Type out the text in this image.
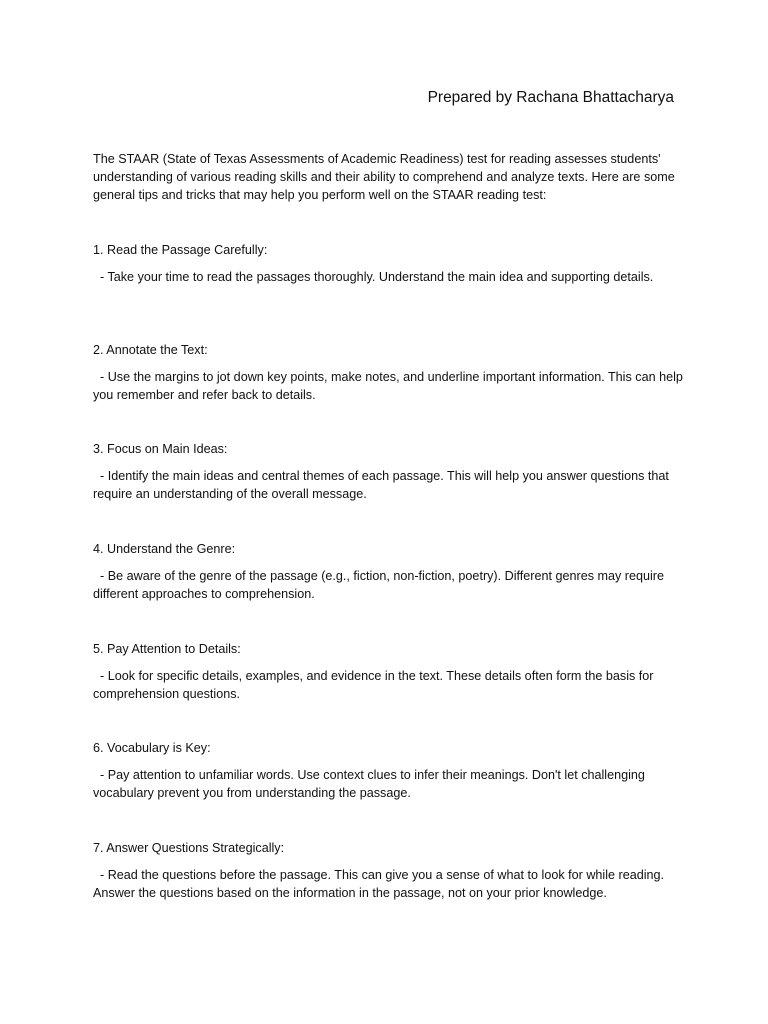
Prepared by Rachana Bhattacharya

The STAAR (State of Texas Assessments of Academic Readiness) test for reading assesses students' understanding of various reading skills and their ability to comprehend and analyze texts. Here are some general tips and tricks that may help you perform well on the STAAR reading test:

1. Read the Passage Carefully:

- Take your time to read the passages thoroughly. Understand the main idea and supporting details.

2. Annotate the Text:

- Use the margins to jot down key points, make notes, and underline important information. This can help you remember and refer back to details.

3. Focus on Main Ideas:

- Identify the main ideas and central themes of each passage. This will help you answer questions that require an understanding of the overall message.

4. Understand the Genre:

- Be aware of the genre of the passage (e.g., fiction, non-fiction, poetry). Different genres may require different approaches to comprehension.

5. Pay Attention to Details:

- Look for specific details, examples, and evidence in the text. These details often form the basis for comprehension questions.

6. Vocabulary is Key:

- Pay attention to unfamiliar words. Use context clues to infer their meanings. Don't let challenging vocabulary prevent you from understanding the passage.

7. Answer Questions Strategically:

- Read the questions before the passage. This can give you a sense of what to look for while reading. Answer the questions based on the information in the passage, not on your prior knowledge.
